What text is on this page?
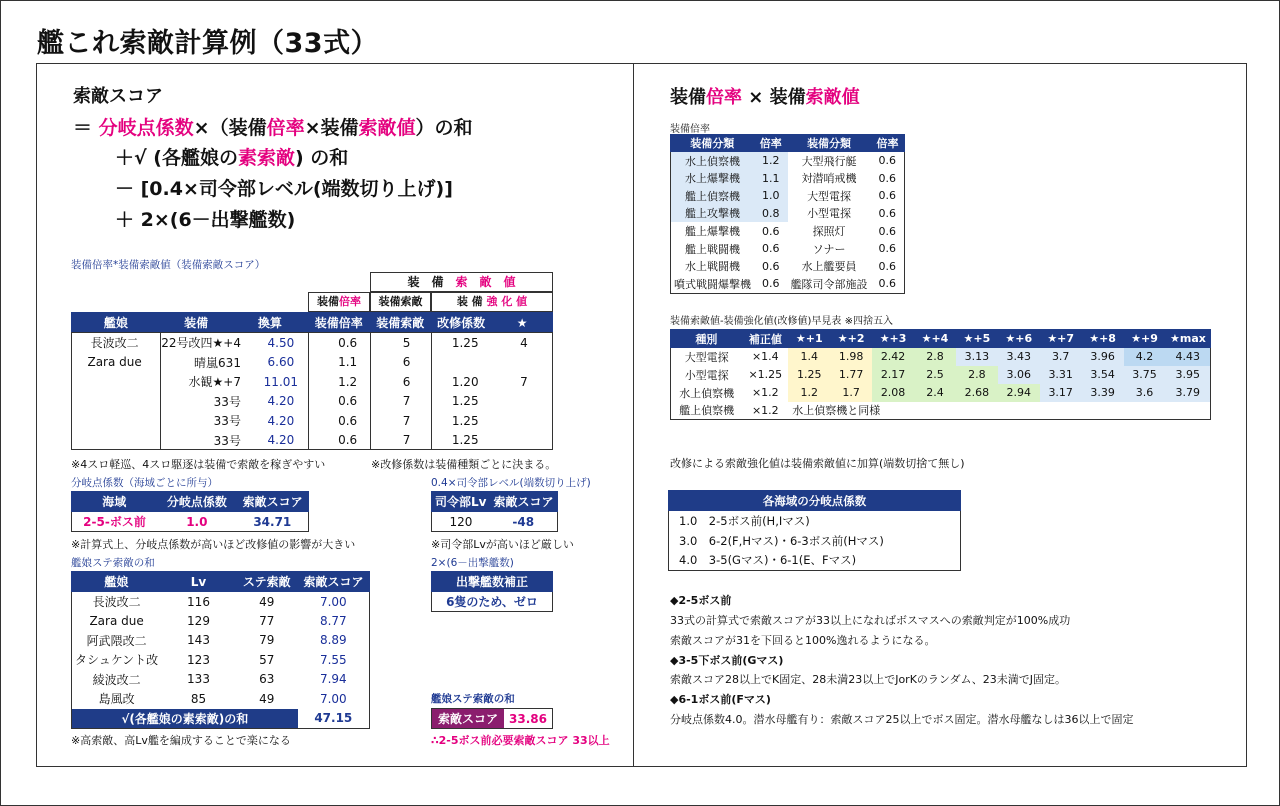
艦これ索敵計算例（33式）
索敵スコア
＝ 分岐点係数×（装備倍率×装備索敵値）の和
＋√ (各艦娘の素索敵) の和
－ [0.4×司令部レベル(端数切り上げ)]
＋ 2×(6－出撃艦数)
装備倍率*装備索敵値（装備索敵スコア）
装　備　 索　敵　値
装備倍率	装備索敵	装 備 強 化 値
艦娘	装備	換算	装備倍率	装備索敵	改修係数	★
長波改二	22号改四★+4	4.50	0.6	5	1.25	4
Zara due	晴嵐631	6.60	1.1	6		
	水観★+7	11.01	1.2	6	1.20	7
	33号	4.20	0.6	7	1.25	
	33号	4.20	0.6	7	1.25	
	33号	4.20	0.6	7	1.25	
※4スロ軽巡、4スロ駆逐は装備で索敵を稼ぎやすい	※改修係数は装備種類ごとに決まる。
分岐点係数（海域ごとに所与）
海域	分岐点係数	索敵スコア
2-5-ボス前	1.0	34.71
※計算式上、分岐点係数が高いほど改修値の影響が大きい
0.4×司令部レベル(端数切り上げ)
司令部Lv	索敵スコア
120	-48
※司令部Lvが高いほど厳しい
艦娘ステ索敵の和
艦娘	Lv	ステ索敵	索敵スコア
長波改二	116	49	7.00
Zara due	129	77	8.77
阿武隈改二	143	79	8.89
タシュケント改	123	57	7.55
綾波改二	133	63	7.94
島風改	85	49	7.00
√(各艦娘の素索敵)の和			47.15
※高索敵、高Lv艦を編成することで楽になる
2×(6－出撃艦数)
出撃艦数補正
6隻のため、ゼロ
艦娘ステ索敵の和
索敵スコア	33.86
∴2-5ボス前必要索敵スコア 33以上
装備倍率 × 装備索敵値
装備倍率
装備分類	倍率	装備分類	倍率
水上偵察機	1.2	大型飛行艇	0.6
水上爆撃機	1.1	対潜哨戒機	0.6
艦上偵察機	1.0	大型電探	0.6
艦上攻撃機	0.8	小型電探	0.6
艦上爆撃機	0.6	探照灯	0.6
艦上戦闘機	0.6	ソナー	0.6
水上戦闘機	0.6	水上艦要員	0.6
噴式戦闘爆撃機	0.6	艦隊司令部施設	0.6
装備索敵値-装備強化値(改修値)早見表 ※四捨五入
種別	補正値	★+1	★+2	★+3	★+4	★+5	★+6	★+7	★+8	★+9	★max
大型電探	×1.4	1.4	1.98	2.42	2.8	3.13	3.43	3.7	3.96	4.2	4.43
小型電探	×1.25	1.25	1.77	2.17	2.5	2.8	3.06	3.31	3.54	3.75	3.95
水上偵察機	×1.2	1.2	1.7	2.08	2.4	2.68	2.94	3.17	3.39	3.6	3.79
艦上偵察機	×1.2	水上偵察機と同様									
改修による索敵強化値は装備索敵値に加算(端数切捨て無し)
各海域の分岐点係数
1.0　2-5ボス前(H,Iマス)
3.0　6-2(F,Hマス)・6-3ボス前(Hマス)
4.0　3-5(Gマス)・6-1(E、Fマス)
◆2-5ボス前
33式の計算式で索敵スコアが33以上になればボスマスへの索敵判定が100%成功
索敵スコアが31を下回ると100%逸れるようになる。
◆3-5下ボス前(Gマス)
索敵スコア28以上でK固定、28未満23以上でJorKのランダム、23未満でJ固定。
◆6-1ボス前(Fマス)
分岐点係数4.0。潜水母艦有り：索敵スコア25以上でボス固定。潜水母艦なしは36以上で固定
